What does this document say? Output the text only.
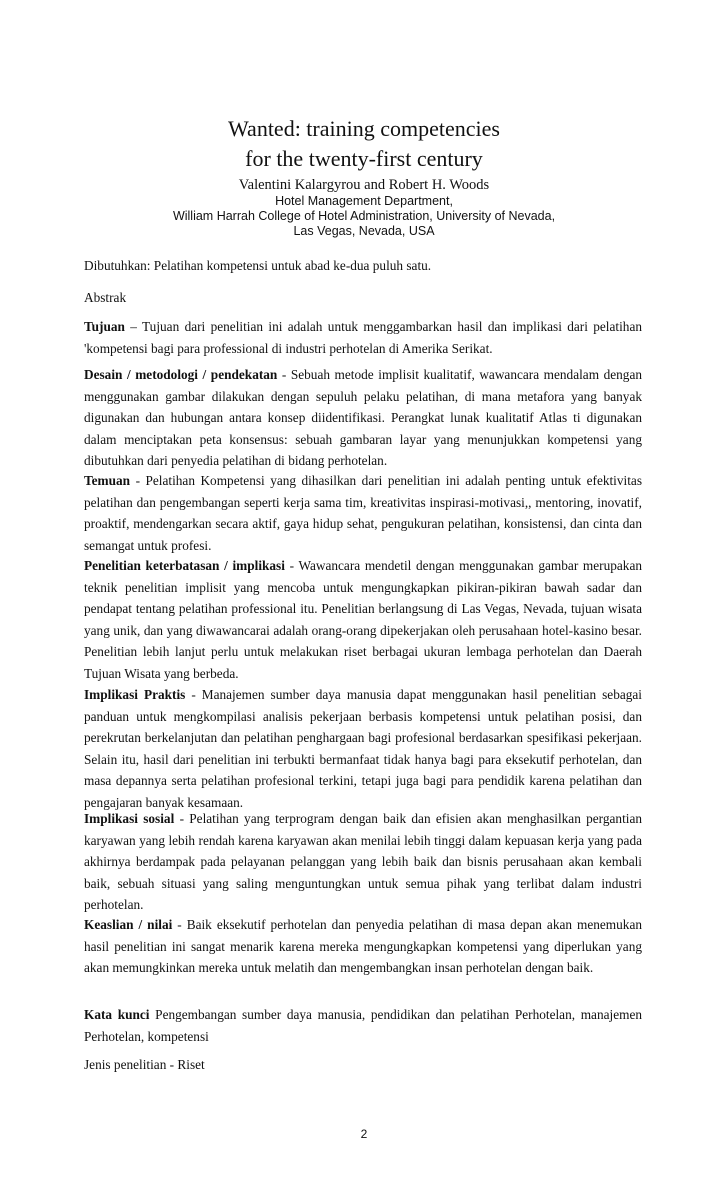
Wanted: training competencies
for the twenty-first century
Valentini Kalargyrou and Robert H. Woods
Hotel Management Department,
William Harrah College of Hotel Administration, University of Nevada,
Las Vegas, Nevada, USA
Dibutuhkan: Pelatihan kompetensi untuk abad ke-dua puluh satu.
Abstrak
Tujuan – Tujuan dari penelitian ini adalah untuk menggambarkan hasil dan implikasi dari pelatihan 'kompetensi bagi para professional di industri perhotelan di Amerika Serikat.
Desain / metodologi / pendekatan - Sebuah metode implisit kualitatif, wawancara mendalam dengan menggunakan gambar dilakukan dengan sepuluh pelaku pelatihan, di mana metafora yang banyak digunakan dan hubungan antara konsep diidentifikasi. Perangkat lunak kualitatif Atlas ti digunakan dalam menciptakan peta konsensus: sebuah gambaran layar yang menunjukkan kompetensi yang dibutuhkan dari penyedia pelatihan di bidang perhotelan.
Temuan - Pelatihan Kompetensi yang dihasilkan dari penelitian ini adalah penting untuk efektivitas pelatihan dan pengembangan seperti kerja sama tim, kreativitas inspirasi-motivasi,, mentoring, inovatif, proaktif, mendengarkan secara aktif, gaya hidup sehat, pengukuran pelatihan, konsistensi, dan cinta dan semangat untuk profesi.
Penelitian keterbatasan / implikasi - Wawancara mendetil dengan menggunakan gambar merupakan teknik penelitian implisit yang mencoba untuk mengungkapkan pikiran-pikiran bawah sadar dan pendapat tentang pelatihan professional itu. Penelitian berlangsung di Las Vegas, Nevada, tujuan wisata yang unik, dan yang diwawancarai adalah orang-orang dipekerjakan oleh perusahaan hotel-kasino besar. Penelitian lebih lanjut perlu untuk melakukan riset berbagai ukuran lembaga perhotelan dan Daerah Tujuan Wisata yang berbeda.
Implikasi Praktis - Manajemen sumber daya manusia dapat menggunakan hasil penelitian sebagai panduan untuk mengkompilasi analisis pekerjaan berbasis kompetensi untuk pelatihan posisi, dan perekrutan berkelanjutan dan pelatihan penghargaan bagi profesional berdasarkan spesifikasi pekerjaan. Selain itu, hasil dari penelitian ini terbukti bermanfaat tidak hanya bagi para eksekutif perhotelan, dan masa depannya serta pelatihan profesional terkini, tetapi juga bagi para pendidik karena pelatihan dan pengajaran banyak kesamaan.
Implikasi sosial - Pelatihan yang terprogram dengan baik dan efisien akan menghasilkan pergantian karyawan yang lebih rendah karena karyawan akan menilai lebih tinggi dalam kepuasan kerja yang pada akhirnya berdampak pada pelayanan pelanggan yang lebih baik dan bisnis perusahaan akan kembali baik, sebuah situasi yang saling menguntungkan untuk semua pihak yang terlibat dalam industri perhotelan.
Keaslian / nilai - Baik eksekutif perhotelan dan penyedia pelatihan di masa depan akan menemukan hasil penelitian ini sangat menarik karena mereka mengungkapkan kompetensi yang diperlukan yang akan memungkinkan mereka untuk melatih dan mengembangkan insan perhotelan dengan baik.
Kata kunci Pengembangan sumber daya manusia, pendidikan dan pelatihan Perhotelan, manajemen Perhotelan, kompetensi
Jenis penelitian - Riset
2
